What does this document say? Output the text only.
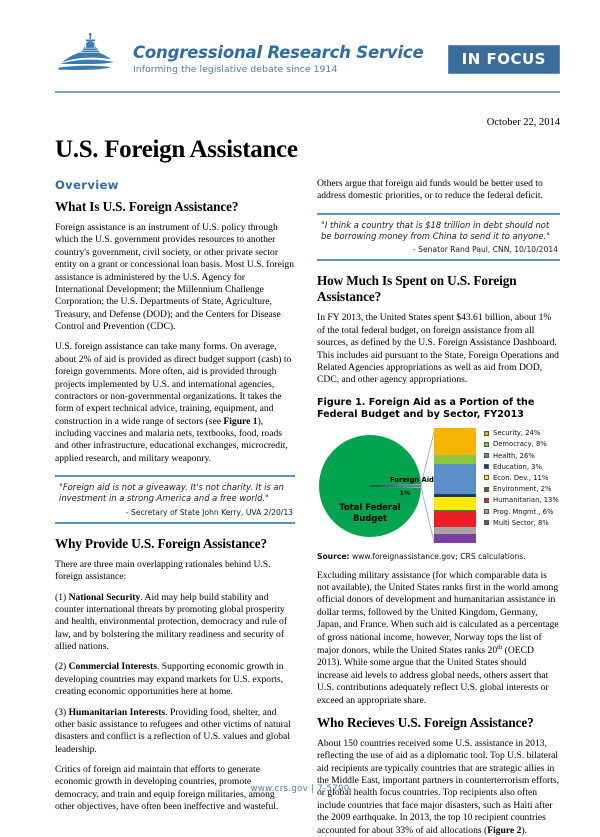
Congressional Research Service
Informing the legislative debate since 1914
IN FOCUS
October 22, 2014
U.S. Foreign Assistance
Overview
What Is U.S. Foreign Assistance?

Foreign assistance is an instrument of U.S. policy through which the U.S. government provides resources to another country's government, civil society, or other private sector entity on a grant or concessional loan basis. Most U.S. foreign assistance is administered by the U.S. Agency for International Development; the Millennium Challenge Corporation; the U.S. Departments of State, Agriculture, Treasury, and Defense (DOD); and the Centers for Disease Control and Prevention (CDC).

U.S. foreign assistance can take many forms. On average, about 2% of aid is provided as direct budget support (cash) to foreign governments. More often, aid is provided through projects implemented by U.S. and international agencies, contractors or non-governmental organizations. It takes the form of expert technical advice, training, equipment, and construction in a wide range of sectors (see Figure 1), including vaccines and malaria nets, textbooks, food, roads and other infrastructure, educational exchanges, microcredit, applied research, and military weaponry.

"Foreign aid is not a giveaway. It's not charity. It is an investment in a strong America and a free world."
- Secretary of State John Kerry, UVA 2/20/13
Why Provide U.S. Foreign Assistance?

There are three main overlapping rationales behind U.S. foreign assistance:

(1) National Security. Aid may help build stability and counter international threats by promoting global prosperity and health, environmental protection, democracy and rule of law, and by bolstering the military readiness and security of allied nations.

(2) Commercial Interests. Supporting economic growth in developing countries may expand markets for U.S. exports, creating economic opportunities here at home.

(3) Humanitarian Interests. Providing food, shelter, and other basic assistance to refugees and other victims of natural disasters and conflict is a reflection of U.S. values and global leadership.

Critics of foreign aid maintain that efforts to generate economic growth in developing countries, promote democracy, and train and equip foreign militaries, among other objectives, have often been ineffective and wasteful.

Others argue that foreign aid funds would be better used to address domestic priorities, or to reduce the federal deficit.

"I think a country that is $18 trillion in debt should not be borrowing money from China to send it to anyone."
- Senator Rand Paul, CNN, 10/10/2014
How Much Is Spent on U.S. Foreign Assistance?

In FY 2013, the United States spent $43.61 billion, about 1% of the total federal budget, on foreign assistance from all sources, as defined by the U.S. Foreign Assistance Dashboard. This includes aid pursuant to the State, Foreign Operations and Related Agencies appropriations as well as aid from DOD, CDC, and other agency appropriations.

Figure 1. Foreign Aid as a Portion of the Federal Budget and by Sector, FY2013
Total Federal
Budget
Foreign Aid
1%
Security, 24%
Democracy, 8%
Health, 26%
Education, 3%
Econ. Dev., 11%
Environment, 2%
Humanitarian, 13%
Prog. Mngmt., 6%
Multi Sector, 8%
Source: www.foreignassistance.gov; CRS calculations.

Excluding military assistance (for which comparable data is not available), the United States ranks first in the world among official donors of development and humanitarian assistance in dollar terms, followed by the United Kingdom, Germany, Japan, and France. When such aid is calculated as a percentage of gross national income, however, Norway tops the list of major donors, while the United States ranks 20th (OECD 2013). While some argue that the United States should increase aid levels to address global needs, others assert that U.S. contributions adequately reflect U.S. global interests or exceed an appropriate share.

Who Recieves U.S. Foreign Assistance?

About 150 countries received some U.S. assistance in 2013, reflecting the use of aid as a diplomatic tool. Top U.S. bilateral aid recipients are typically countries that are strategic allies in the Middle East, important partners in counterterrorism efforts, or global health focus countries. Top recipients also often include countries that face major disasters, such as Haiti after the 2009 earthquake. In 2013, the top 10 recipient countries accounted for about 33% of aid allocations (Figure 2).

www.crs.gov | 7-5700
